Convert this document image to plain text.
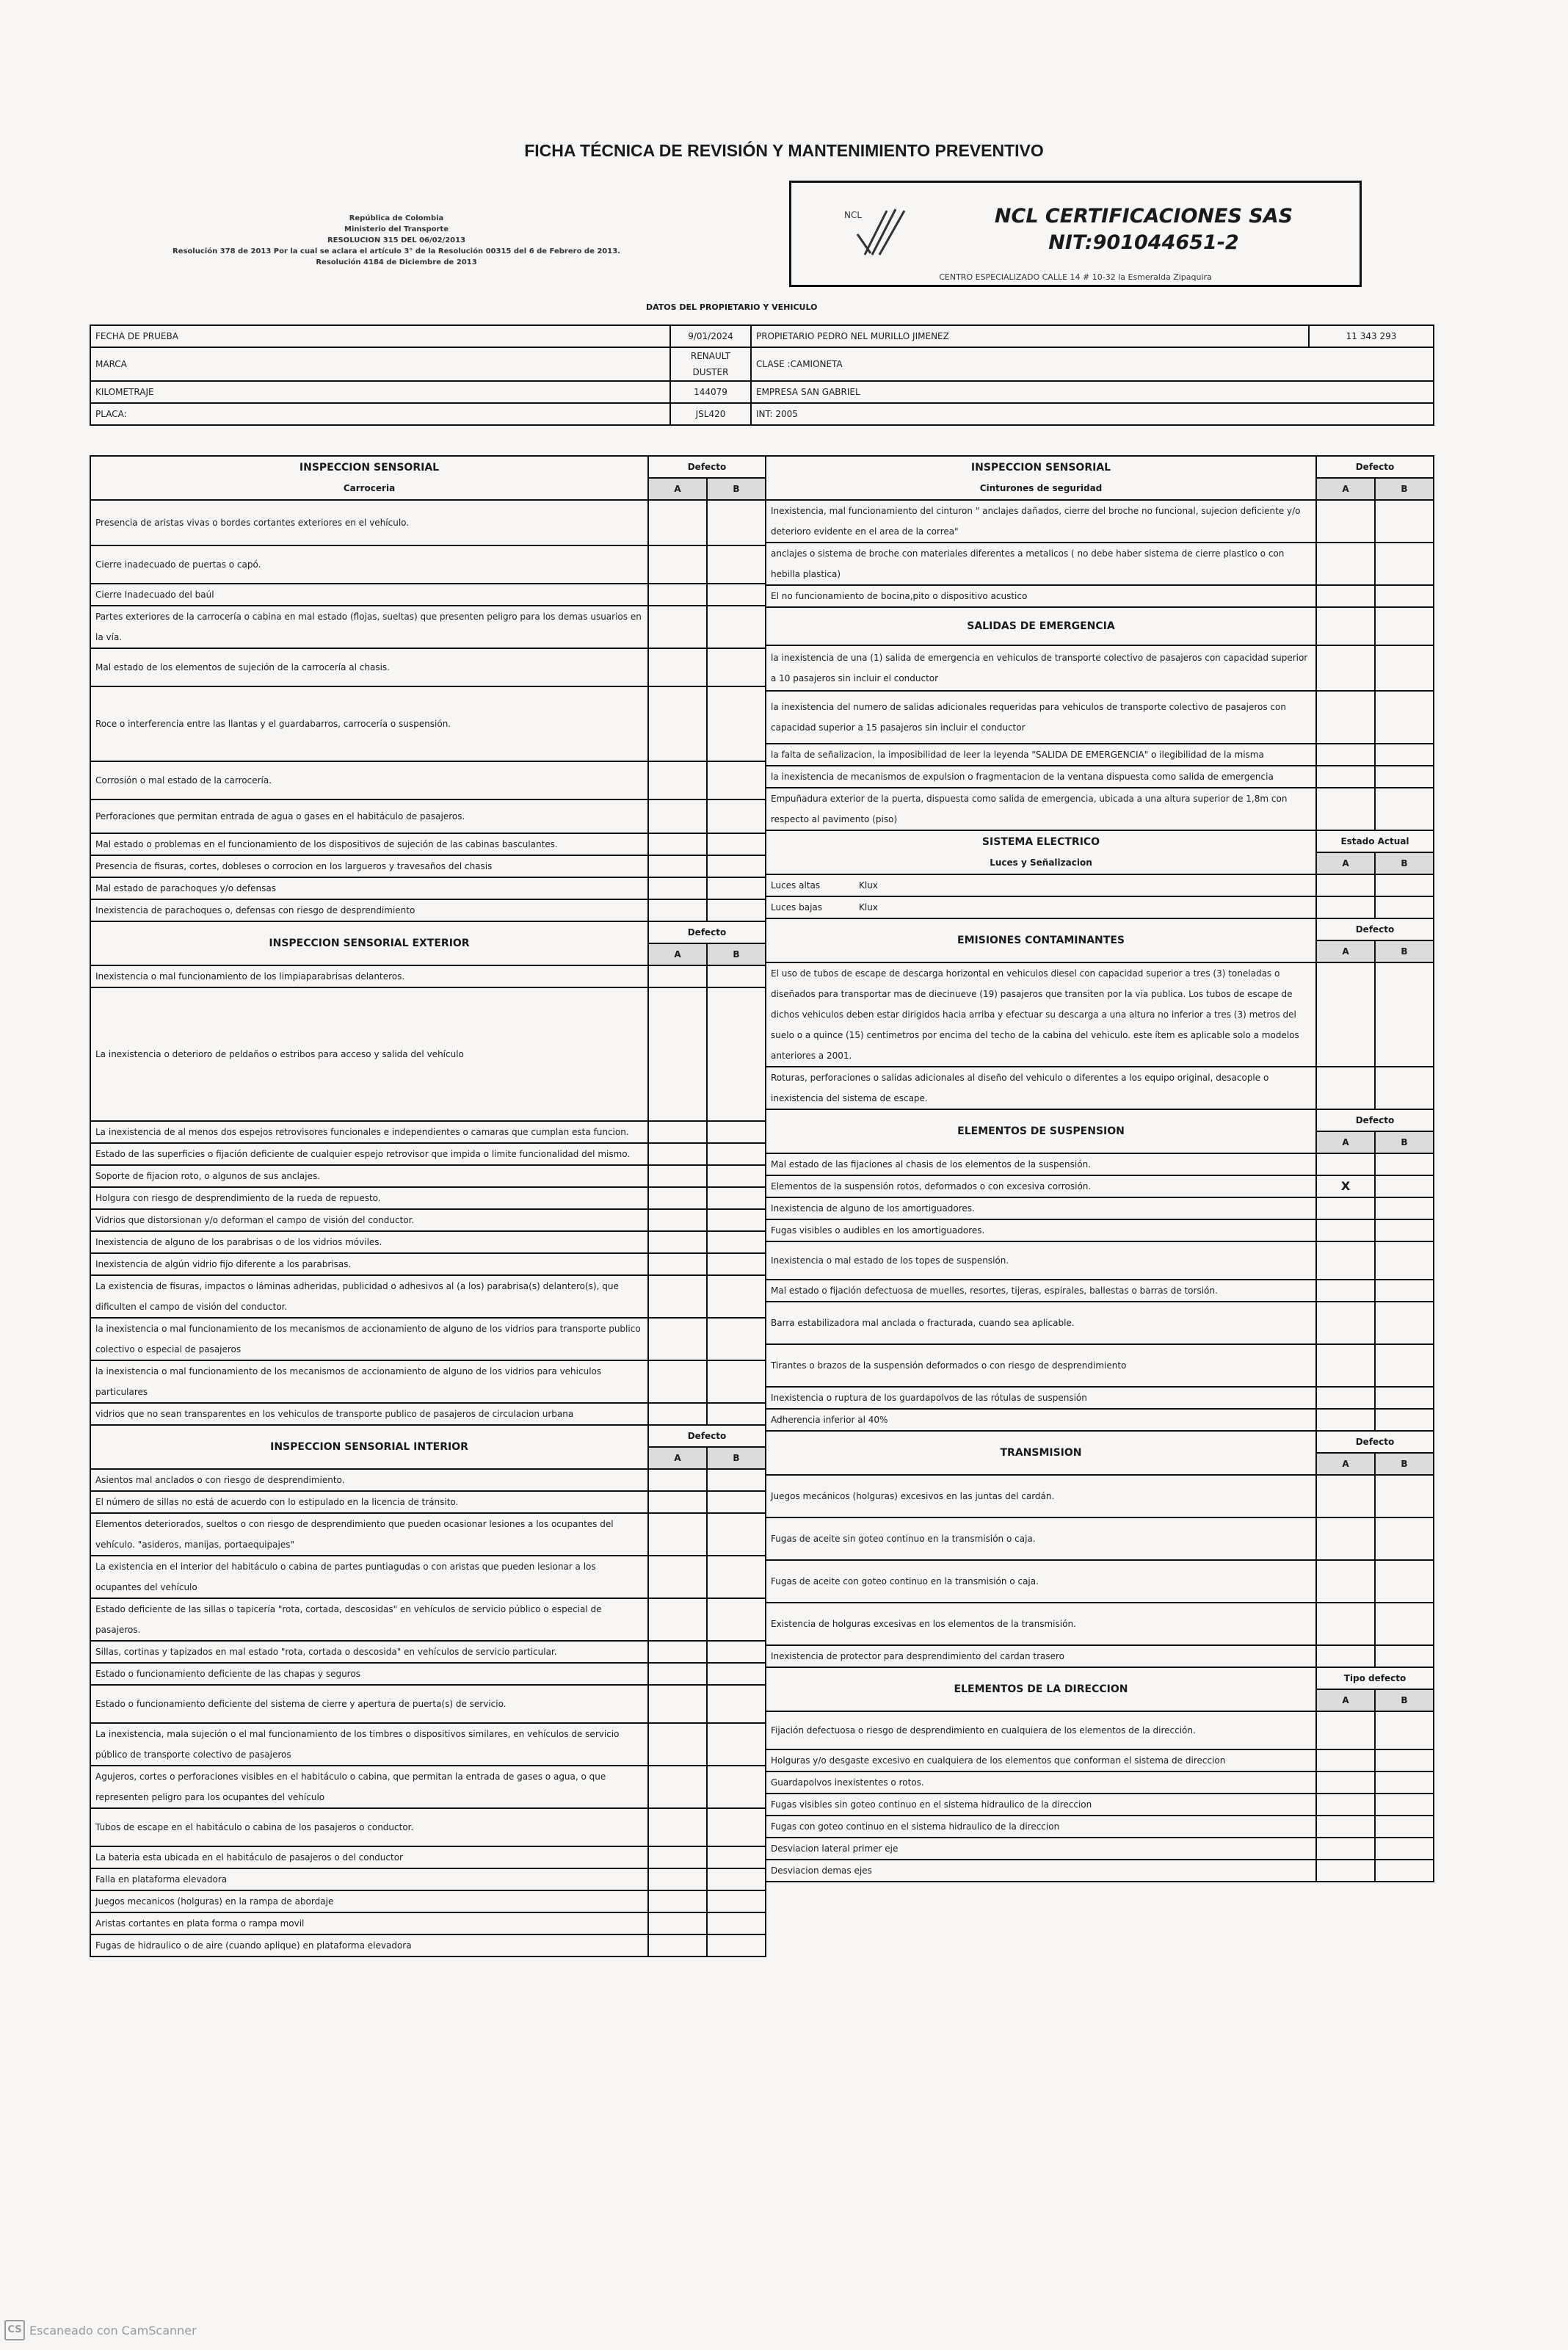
FICHA TÉCNICA DE REVISIÓN Y MANTENIMIENTO PREVENTIVO
República de Colombia
Ministerio del Transporte
RESOLUCION 315 DEL 06/02/2013
Resolución 378 de 2013 Por la cual se aclara el artículo 3° de la Resolución 00315 del 6 de Febrero de 2013.
Resolución 4184 de Diciembre de 2013
NCL	NCL CERTIFICACIONES SAS
NIT:901044651-2
CENTRO ESPECIALIZADO CALLE 14 # 10-32 la Esmeralda Zipaquira
DATOS DEL PROPIETARIO Y VEHICULO
FECHA DE PRUEBA	9/01/2024	PROPIETARIO PEDRO NEL MURILLO JIMENEZ	11 343 293
MARCA	RENAULT DUSTER	CLASE :CAMIONETA	
KILOMETRAJE	144079	EMPRESA SAN GABRIEL	
PLACA:	JSL420	INT: 2005	
INSPECCION SENSORIAL
Carroceria	Defecto	
	A	B
Presencia de aristas vivas o bordes cortantes exteriores en el vehículo.		
Cierre inadecuado de puertas o capó.		
Cierre Inadecuado del baúl		
Partes exteriores de la carrocería o cabina en mal estado (flojas, sueltas) que presenten peligro para los demas usuarios en la vía.		
Mal estado de los elementos de sujeción de la carrocería al chasis.		
Roce o interferencia entre las llantas y el guardabarros, carrocería o suspensión.		
Corrosión o mal estado de la carrocería.		
Perforaciones que permitan entrada de agua o gases en el habitáculo de pasajeros.		
Mal estado o problemas en el funcionamiento de los dispositivos de sujeción de las cabinas basculantes.		
Presencia de fisuras, cortes, dobleses o corrocion en los largueros y travesaños del chasis		
Mal estado de parachoques y/o defensas		
Inexistencia de parachoques o, defensas con riesgo de desprendimiento		

INSPECCION SENSORIAL EXTERIOR	Defecto	
	A	B
Inexistencia o mal funcionamiento de los limpiaparabrisas delanteros.		
La inexistencia o deterioro de peldaños o estribos para acceso y salida del vehículo		
La inexistencia de al menos dos espejos retrovisores funcionales e independientes o camaras que cumplan esta funcion.		
Estado de las superficies o fijación deficiente de cualquier espejo retrovisor que impida o limite funcionalidad del mismo.		
Soporte de fijacion roto, o algunos de sus anclajes.		
Holgura con riesgo de desprendimiento de la rueda de repuesto.		
Vidrios que distorsionan y/o deforman el campo de visión del conductor.		
Inexistencia de alguno de los parabrisas o de los vidrios móviles.		
Inexistencia de algún vidrio fijo diferente a los parabrisas.		
La existencia de fisuras, impactos o láminas adheridas, publicidad o adhesivos al (a los) parabrisa(s) delantero(s), que dificulten el campo de visión del conductor.		
la inexistencia o mal funcionamiento de los mecanismos de accionamiento de alguno de los vidrios para transporte publico colectivo o especial de pasajeros		
la inexistencia o mal funcionamiento de los mecanismos de accionamiento de alguno de los vidrios para vehiculos particulares		
vidrios que no sean transparentes en los vehiculos de transporte publico de pasajeros de circulacion urbana		

INSPECCION SENSORIAL INTERIOR	Defecto	
	A	B
Asientos mal anclados o con riesgo de desprendimiento.		
El número de sillas no está de acuerdo con lo estipulado en la licencia de tránsito.		
Elementos deteriorados, sueltos o con riesgo de desprendimiento que pueden ocasionar lesiones a los ocupantes del vehículo. "asideros, manijas, portaequipajes"		
La existencia en el interior del habitáculo o cabina de partes puntiagudas o con aristas que pueden lesionar a los ocupantes del vehículo		
Estado deficiente de las sillas o tapicería "rota, cortada, descosidas" en vehículos de servicio público o especial de pasajeros.		
Sillas, cortinas y tapizados en mal estado "rota, cortada o descosida" en vehículos de servicio particular.		
Estado o funcionamiento deficiente de las chapas y seguros		
Estado o funcionamiento deficiente del sistema de cierre y apertura de puerta(s) de servicio.		
La inexistencia, mala sujeción o el mal funcionamiento de los timbres o dispositivos similares, en vehículos de servicio público de transporte colectivo de pasajeros		
Agujeros, cortes o perforaciones visibles en el habitáculo o cabina, que permitan la entrada de gases o agua, o que representen peligro para los ocupantes del vehículo		
Tubos de escape en el habitáculo o cabina de los pasajeros o conductor.		
La bateria esta ubicada en el habitáculo de pasajeros o del conductor		
Falla en plataforma elevadora		
Juegos mecanicos (holguras) en la rampa de abordaje		
Aristas cortantes en plata forma o rampa movil		
Fugas de hidraulico o de aire (cuando aplique) en plataforma elevadora		
INSPECCION SENSORIAL
Cinturones de seguridad	Defecto	
	A	B
Inexistencia, mal funcionamiento del cinturon " anclajes dañados, cierre del broche no funcional, sujecion deficiente y/o deterioro evidente en el area de la correa"		
anclajes o sistema de broche con materiales diferentes a metalicos ( no debe haber sistema de cierre plastico o con hebilla plastica)		
El no funcionamiento de bocina,pito o dispositivo acustico		
SALIDAS DE EMERGENCIA		
la inexistencia de una (1) salida de emergencia en vehiculos de transporte colectivo de pasajeros con capacidad superior a 10 pasajeros sin incluir el conductor		
la inexistencia del numero de salidas adicionales requeridas para vehiculos de transporte colectivo de pasajeros con capacidad superior a 15 pasajeros sin incluir el conductor		
la falta de señalizacion, la imposibilidad de leer la leyenda "SALIDA DE EMERGENCIA" o ilegibilidad de la misma		
la inexistencia de mecanismos de expulsion o fragmentacion de la ventana dispuesta como salida de emergencia		
Empuñadura exterior de la puerta, dispuesta como salida de emergencia, ubicada a una altura superior de 1,8m con respecto al pavimento (piso)		

SISTEMA ELECTRICO
Luces y Señalizacion	Estado Actual	
	A	B
Luces altas Klux		
Luces bajas Klux		

EMISIONES CONTAMINANTES	Defecto	
	A	B
El uso de tubos de escape de descarga horizontal en vehiculos diesel con capacidad superior a tres (3) toneladas o diseñados para transportar mas de diecinueve (19) pasajeros que transiten por la via publica. Los tubos de escape de dichos vehiculos deben estar dirigidos hacia arriba y efectuar su descarga a una altura no inferior a tres (3) metros del suelo o a quince (15) centimetros por encima del techo de la cabina del vehiculo. este ítem es aplicable solo a modelos anteriores a 2001.		
Roturas, perforaciones o salidas adicionales al diseño del vehiculo o diferentes a los equipo original, desacople o inexistencia del sistema de escape.		

ELEMENTOS DE SUSPENSION	Defecto	
	A	B
Mal estado de las fijaciones al chasis de los elementos de la suspensión.		
Elementos de la suspensión rotos, deformados o con excesiva corrosión.	X	
Inexistencia de alguno de los amortiguadores.		
Fugas visibles o audibles en los amortiguadores.		
Inexistencia o mal estado de los topes de suspensión.		
Mal estado o fijación defectuosa de muelles, resortes, tijeras, espirales, ballestas o barras de torsión.		
Barra estabilizadora mal anclada o fracturada, cuando sea aplicable.		
Tirantes o brazos de la suspensión deformados o con riesgo de desprendimiento		
Inexistencia o ruptura de los guardapolvos de las rótulas de suspensión		
Adherencia inferior al 40%		

TRANSMISION	Defecto	
	A	B
Juegos mecánicos (holguras) excesivos en las juntas del cardán.		
Fugas de aceite sin goteo continuo en la transmisión o caja.		
Fugas de aceite con goteo continuo en la transmisión o caja.		
Existencia de holguras excesivas en los elementos de la transmisión.		
Inexistencia de protector para desprendimiento del cardan trasero		

ELEMENTOS DE LA DIRECCION	Tipo defecto	
	A	B
Fijación defectuosa o riesgo de desprendimiento en cualquiera de los elementos de la dirección.		
Holguras y/o desgaste excesivo en cualquiera de los elementos que conforman el sistema de direccion		
Guardapolvos inexistentes o rotos.		
Fugas visibles sin goteo continuo en el sistema hidraulico de la direccion		
Fugas con goteo continuo en el sistema hidraulico de la direccion		
Desviacion lateral primer eje		
Desviacion demas ejes		
CS Escaneado con CamScanner
